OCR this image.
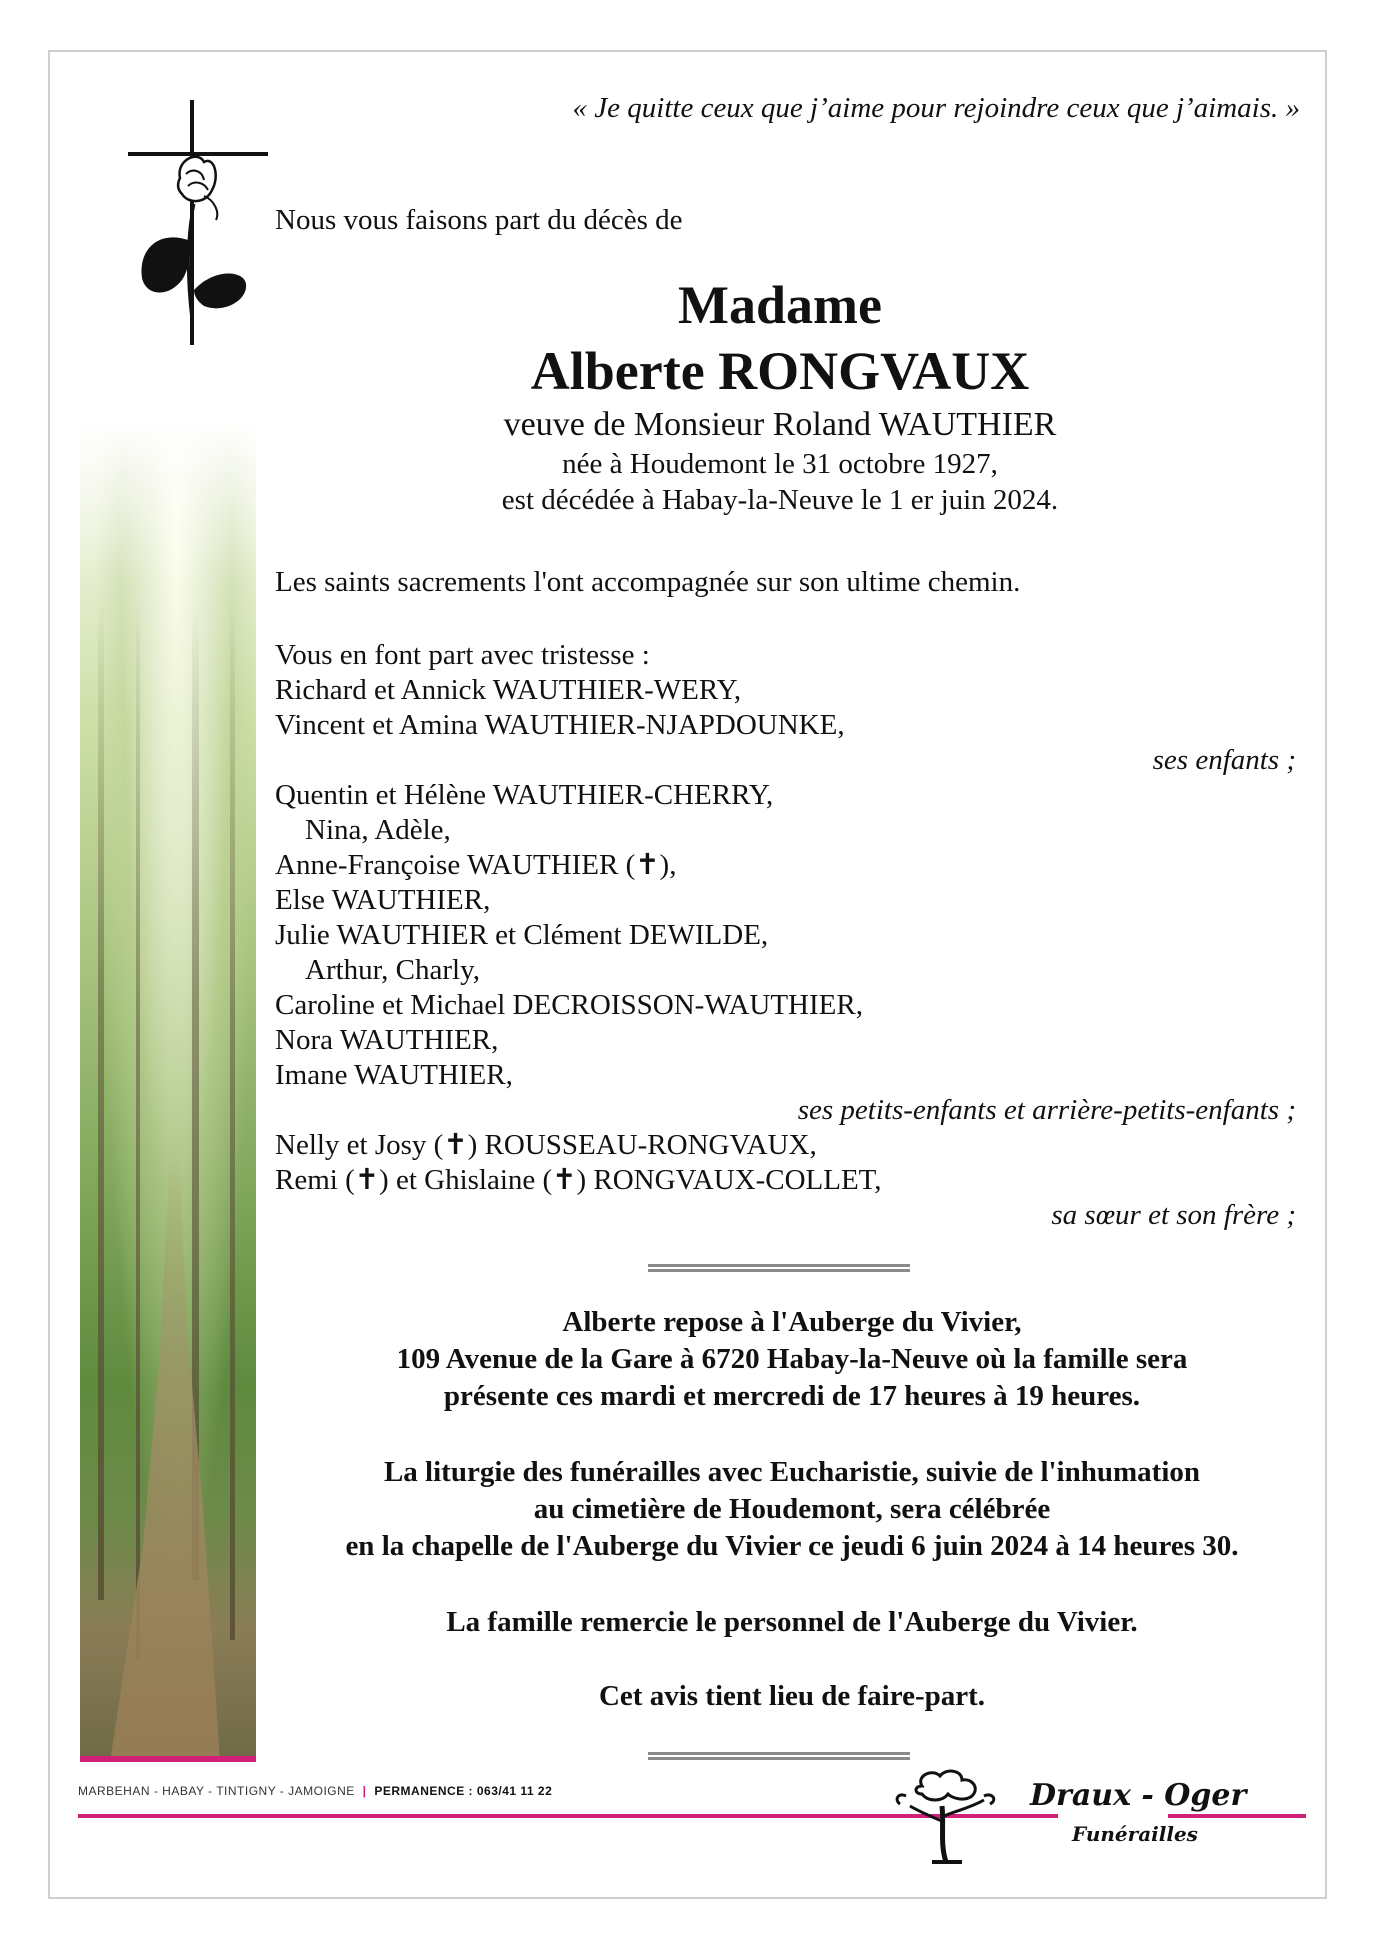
« Je quitte ceux que j’aime pour rejoindre ceux que j’aimais. »
Nous vous faisons part du décès de
Madame
Alberte RONGVAUX
veuve de Monsieur Roland WAUTHIER
née à Houdemont le 31 octobre 1927,
est décédée à Habay-la-Neuve le 1 er juin 2024.
Les saints sacrements l'ont accompagnée sur son ultime chemin.
Vous en font part avec tristesse :
Richard et Annick WAUTHIER-WERY,
Vincent et Amina WAUTHIER-NJAPDOUNKE,
ses enfants ;
Quentin et Hélène WAUTHIER-CHERRY,
Nina, Adèle,
Anne-Françoise WAUTHIER (✝),
Else WAUTHIER,
Julie WAUTHIER et Clément DEWILDE,
Arthur, Charly,
Caroline et Michael DECROISSON-WAUTHIER,
Nora WAUTHIER,
Imane WAUTHIER,
ses petits-enfants et arrière-petits-enfants ;
Nelly et Josy (✝) ROUSSEAU-RONGVAUX,
Remi (✝) et Ghislaine (✝) RONGVAUX-COLLET,
sa sœur et son frère ;
Alberte repose à l'Auberge du Vivier,
109 Avenue de la Gare à 6720 Habay-la-Neuve où la famille sera
présente ces mardi et mercredi de 17 heures à 19 heures.
La liturgie des funérailles avec Eucharistie, suivie de l'inhumation
au cimetière de Houdemont, sera célébrée
en la chapelle de l'Auberge du Vivier ce jeudi 6 juin 2024 à 14 heures 30.
La famille remercie le personnel de l'Auberge du Vivier.
Cet avis tient lieu de faire-part.
MARBEHAN - HABAY - TINTIGNY - JAMOIGNE | PERMANENCE : 063/41 11 22	Draux - Oger
Funérailles
